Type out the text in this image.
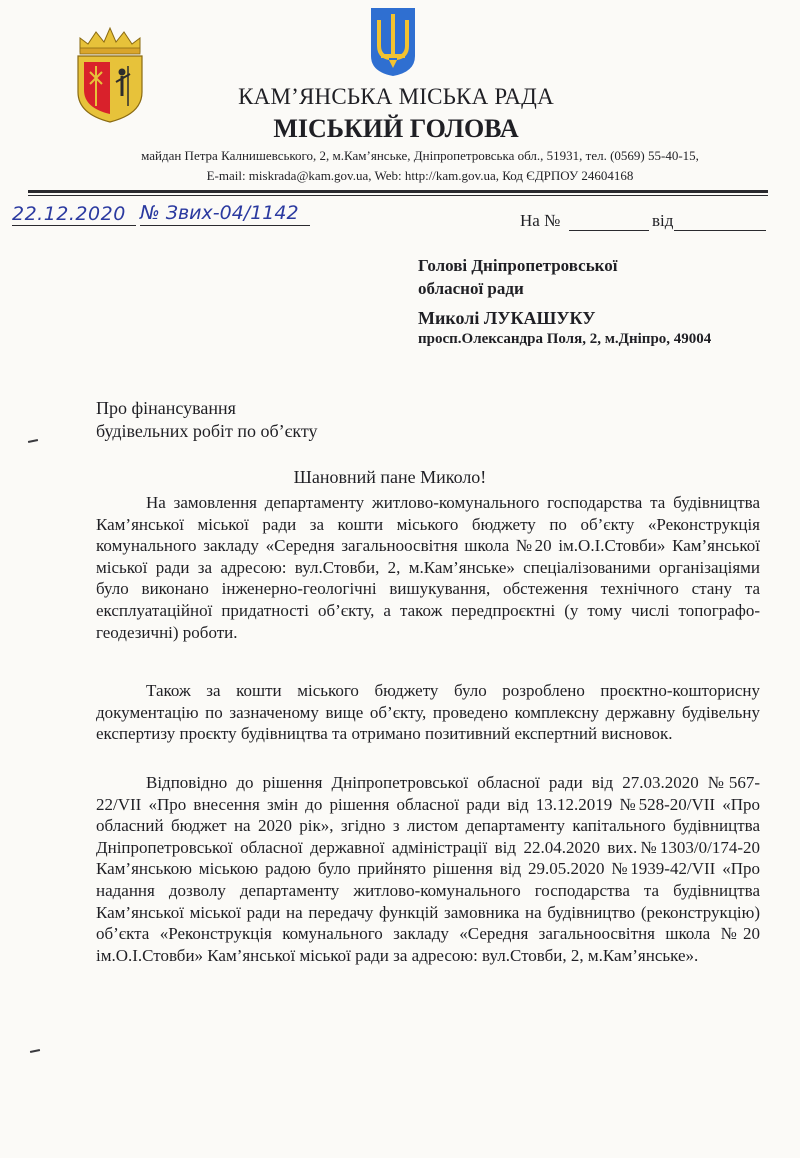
КАМ’ЯНСЬКА МІСЬКА РАДА
МІСЬКИЙ ГОЛОВА
майдан Петра Калнишевського, 2, м.Кам’янське, Дніпропетровська обл., 51931, тел. (0569) 55-40-15,
E-mail: miskrada@kam.gov.ua, Web: http://kam.gov.ua, Код ЄДРПОУ 24604168
22.12.2020 № Звих-04/1142	На №	від
Голові Дніпропетровської
обласної ради
Миколі ЛУКАШУКУ
просп.Олександра Поля, 2, м.Дніпро, 49004
Про фінансування
будівельних робіт по об’єкту
Шановний пане Миколо!

На замовлення департаменту житлово-комунального господарства та будівництва Кам’янської міської ради за кошти міського бюджету по об’єкту «Реконструкція комунального закладу «Середня загальноосвітня школа №20 ім.О.І.Стовби» Кам’янської міської ради за адресою: вул.Стовби, 2, м.Кам’янське» спеціалізованими організаціями було виконано інженерно-геологічні вишукування, обстеження технічного стану та експлуатаційної придатності об’єкту, а також передпроєктні (у тому числі топографо-геодезичні) роботи.

Також за кошти міського бюджету було розроблено проєктно-кошторисну документацію по зазначеному вище об’єкту, проведено комплексну державну будівельну експертизу проєкту будівництва та отримано позитивний експертний висновок.

Відповідно до рішення Дніпропетровської обласної ради від 27.03.2020 №567-22/VII «Про внесення змін до рішення обласної ради від 13.12.2019 №528-20/VII «Про обласний бюджет на 2020 рік», згідно з листом департаменту капітального будівництва Дніпропетровської обласної державної адміністрації від 22.04.2020 вих.№1303/0/174-20 Кам’янською міською радою було прийнято рішення від 29.05.2020 №1939-42/VII «Про надання дозволу департаменту житлово-комунального господарства та будівництва Кам’янської міської ради на передачу функцій замовника на будівництво (реконструкцію) об’єкта «Реконструкція комунального закладу «Середня загальноосвітня школа №20 ім.О.І.Стовби» Кам’янської міської ради за адресою: вул.Стовби, 2, м.Кам’янське».
